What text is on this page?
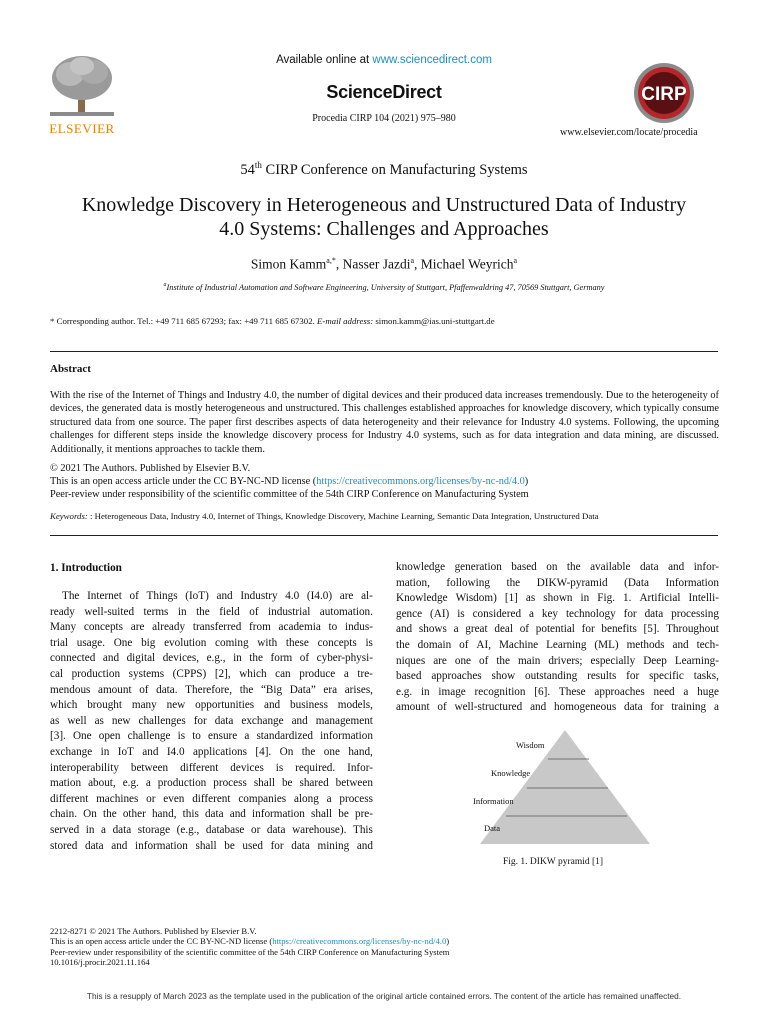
ELSEVIER
Available online at www.sciencedirect.com
ScienceDirect
Procedia CIRP 104 (2021) 975–980
CIRP
www.elsevier.com/locate/procedia
54th CIRP Conference on Manufacturing Systems
Knowledge Discovery in Heterogeneous and Unstructured Data of Industry
4.0 Systems: Challenges and Approaches
Simon Kamm$^{a,*}$, Nasser Jazdi$^a$, Michael Weyrich$^a$
$^a$Institute of Industrial Automation and Software Engineering, University of Stuttgart, Pfaffenwaldring 47, 70569 Stuttgart, Germany
* Corresponding author. Tel.: +49 711 685 67293; fax: +49 711 685 67302. E-mail address: simon.kamm@ias.uni-stuttgart.de
Abstract

With the rise of the Internet of Things and Industry 4.0, the number of digital devices and their produced data increases tremendously. Due to the heterogeneity of devices, the generated data is mostly heterogeneous and unstructured. This challenges established approaches for knowledge discovery, which typically consume structured data from one source. The paper first describes aspects of data heterogeneity and their relevance for Industry 4.0 systems. Following, the upcoming challenges for different steps inside the knowledge discovery process for Industry 4.0 systems, such as for data integration and data mining, are discussed. Additionally, it mentions approaches to tackle them.

© 2021 The Authors. Published by Elsevier B.V.
This is an open access article under the CC BY-NC-ND license (https://creativecommons.org/licenses/by-nc-nd/4.0)
Peer-review under responsibility of the scientific committee of the 54th CIRP Conference on Manufacturing System
Keywords: : Heterogeneous Data, Industry 4.0, Internet of Things, Knowledge Discovery, Machine Learning, Semantic Data Integration, Unstructured Data
1. Introduction
The Internet of Things (IoT) and Industry 4.0 (I4.0) are al-
ready well-suited terms in the field of industrial automation.
Many concepts are already transferred from academia to indus-
trial usage. One big evolution coming with these concepts is
connected and digital devices, e.g., in the form of cyber-physi-
cal production systems (CPPS) [2], which can produce a tre-
mendous amount of data. Therefore, the “Big Data” era arises,
which brought many new opportunities and business models,
as well as new challenges for data exchange and management
[3]. One open challenge is to ensure a standardized information
exchange in IoT and I4.0 applications [4]. On the one hand,
interoperability between different devices is required. Infor-
mation about, e.g. a production process shall be shared between
different machines or even different companies along a process
chain. On the other hand, this data and information shall be pre-
served in a data storage (e.g., database or data warehouse). This
stored data and information shall be used for data mining and
knowledge generation based on the available data and infor-
mation, following the DIKW-pyramid (Data Information
Knowledge Wisdom) [1] as shown in Fig. 1. Artificial Intelli-
gence (AI) is considered a key technology for data processing
and shows a great deal of potential for benefits [5]. Throughout
the domain of AI, Machine Learning (ML) methods and tech-
niques are one of the main drivers; especially Deep Learning-
based approaches show outstanding results for specific tasks,
e.g. in image recognition [6]. These approaches need a huge
amount of well-structured and homogeneous data for training a
Wisdom
Knowledge
Information
Data
Fig. 1. DIKW pyramid [1]
2212-8271 © 2021 The Authors. Published by Elsevier B.V.
This is an open access article under the CC BY-NC-ND license (https://creativecommons.org/licenses/by-nc-nd/4.0)
Peer-review under responsibility of the scientific committee of the 54th CIRP Conference on Manufacturing System
10.1016/j.procir.2021.11.164
This is a resupply of March 2023 as the template used in the publication of the original article contained errors. The content of the article has remained unaffected.
